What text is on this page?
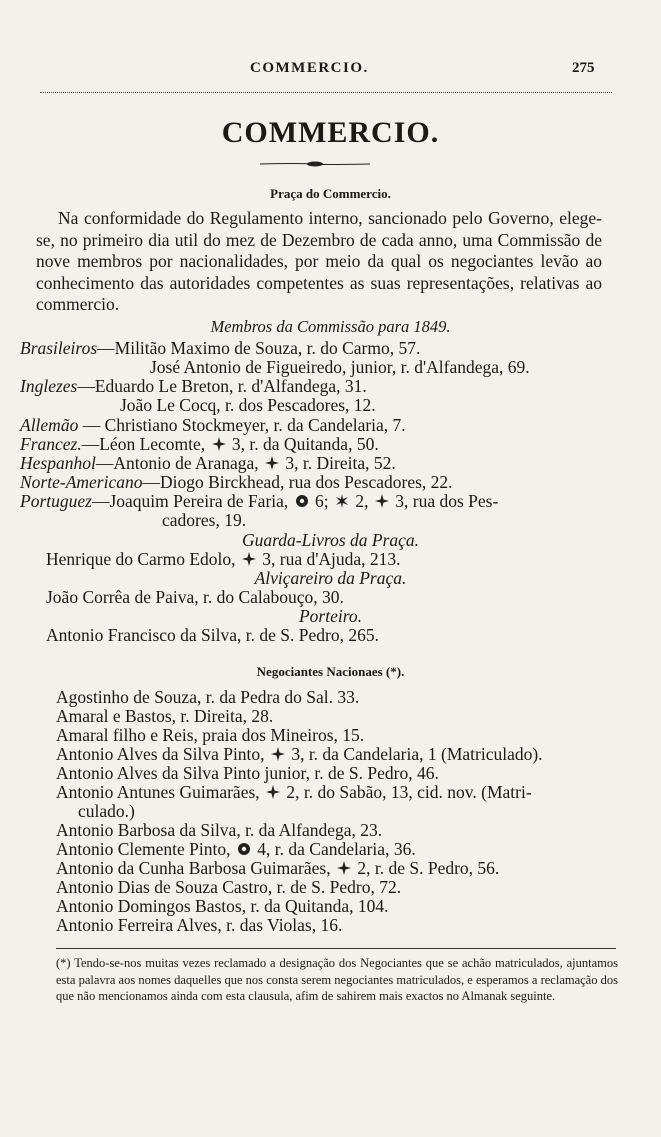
COMMERCIO.	275
COMMERCIO.
Praça do Commercio.
Na conformidade do Regulamento interno, sancionado pelo Governo, elege-se, no primeiro dia util do mez de Dezembro de cada anno, uma Commissão de nove membros por nacionalidades, por meio da qual os negociantes levão ao conhecimento das autoridades competentes as suas representações, relativas ao commercio.
Membros da Commissão para 1849.
Brasileiros—Militão Maximo de Souza, r. do Carmo, 57.
José Antonio de Figueiredo, junior, r. d'Alfandega, 69.
Inglezes—Eduardo Le Breton, r. d'Alfandega, 31.
João Le Cocq, r. dos Pescadores, 12.
Allemão — Christiano Stockmeyer, r. da Candelaria, 7.
Francez.—Léon Lecomte, 3, r. da Quitanda, 50.
Hespanhol—Antonio de Aranaga, 3, r. Direita, 52.
Norte-Americano—Diogo Birckhead, rua dos Pescadores, 22.
Portuguez—Joaquim Pereira de Faria, 6; 2, 3, rua dos Pes-
cadores, 19.
Guarda-Livros da Praça.
Henrique do Carmo Edolo, 3, rua d'Ajuda, 213.
Alviçareiro da Praça.
João Corrêa de Paiva, r. do Calabouço, 30.
Porteiro.
Antonio Francisco da Silva, r. de S. Pedro, 265.
Negociantes Nacionaes (*).
Agostinho de Souza, r. da Pedra do Sal. 33.
Amaral e Bastos, r. Direita, 28.
Amaral filho e Reis, praia dos Mineiros, 15.
Antonio Alves da Silva Pinto, 3, r. da Candelaria, 1 (Matriculado).
Antonio Alves da Silva Pinto junior, r. de S. Pedro, 46.
Antonio Antunes Guimarães, 2, r. do Sabão, 13, cid. nov. (Matri-
culado.)
Antonio Barbosa da Silva, r. da Alfandega, 23.
Antonio Clemente Pinto, 4, r. da Candelaria, 36.
Antonio da Cunha Barbosa Guimarães, 2, r. de S. Pedro, 56.
Antonio Dias de Souza Castro, r. de S. Pedro, 72.
Antonio Domingos Bastos, r. da Quitanda, 104.
Antonio Ferreira Alves, r. das Violas, 16.
(*) Tendo-se-nos muitas vezes reclamado a designação dos Negociantes que se achão matriculados, ajuntamos esta palavra aos nomes daquelles que nos consta serem negociantes matriculados, e esperamos a reclamação dos que não mencionamos ainda com esta clausula, afim de sahirem mais exactos no Almanak seguinte.
